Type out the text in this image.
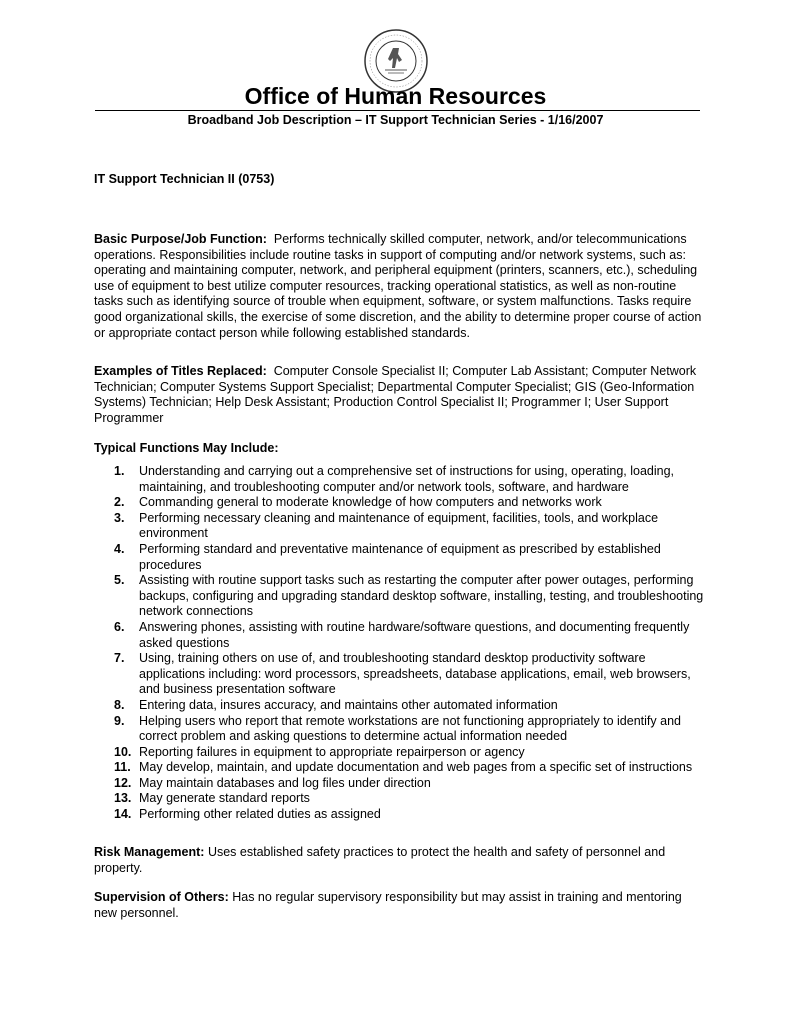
Office of Human Resources
Broadband Job Description – IT Support Technician Series - 1/16/2007
IT Support Technician II (0753)
Basic Purpose/Job Function: Performs technically skilled computer, network, and/or telecommunications operations. Responsibilities include routine tasks in support of computing and/or network systems, such as: operating and maintaining computer, network, and peripheral equipment (printers, scanners, etc.), scheduling use of equipment to best utilize computer resources, tracking operational statistics, as well as non-routine tasks such as identifying source of trouble when equipment, software, or system malfunctions. Tasks require good organizational skills, the exercise of some discretion, and the ability to determine proper course of action or appropriate contact person while following established standards.
Examples of Titles Replaced: Computer Console Specialist II; Computer Lab Assistant; Computer Network Technician; Computer Systems Support Specialist; Departmental Computer Specialist; GIS (Geo-Information Systems) Technician; Help Desk Assistant; Production Control Specialist II; Programmer I; User Support Programmer
Typical Functions May Include:
1.	Understanding and carrying out a comprehensive set of instructions for using, operating, loading, maintaining, and troubleshooting computer and/or network tools, software, and hardware
2.	Commanding general to moderate knowledge of how computers and networks work
3.	Performing necessary cleaning and maintenance of equipment, facilities, tools, and workplace environment
4.	Performing standard and preventative maintenance of equipment as prescribed by established procedures
5.	Assisting with routine support tasks such as restarting the computer after power outages, performing backups, configuring and upgrading standard desktop software, installing, testing, and troubleshooting network connections
6.	Answering phones, assisting with routine hardware/software questions, and documenting frequently asked questions
7.	Using, training others on use of, and troubleshooting standard desktop productivity software applications including: word processors, spreadsheets, database applications, email, web browsers, and business presentation software
8.	Entering data, insures accuracy, and maintains other automated information
9.	Helping users who report that remote workstations are not functioning appropriately to identify and correct problem and asking questions to determine actual information needed
10. Reporting failures in equipment to appropriate repairperson or agency
11. May develop, maintain, and update documentation and web pages from a specific set of instructions
12. May maintain databases and log files under direction
13. May generate standard reports
14. Performing other related duties as assigned
Risk Management: Uses established safety practices to protect the health and safety of personnel and property.
Supervision of Others: Has no regular supervisory responsibility but may assist in training and mentoring new personnel.
